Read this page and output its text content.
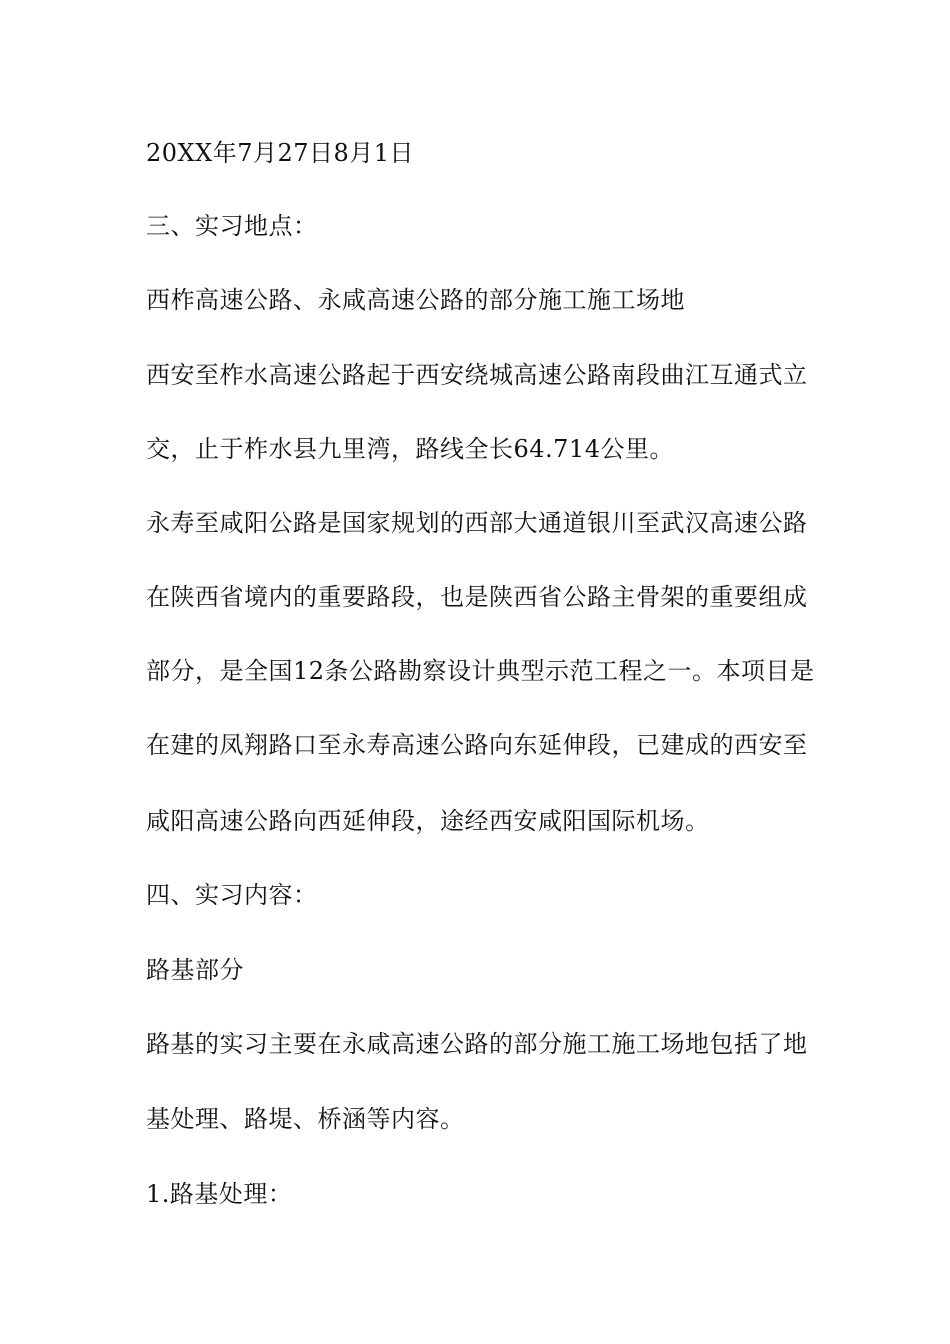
20XX年7月27日8月1日
三、实习地点：
西柞高速公路、永咸高速公路的部分施工施工场地
西安至柞水高速公路起于西安绕城高速公路南段曲江互通式立
交，止于柞水县九里湾，路线全长64.714公里。
永寿至咸阳公路是国家规划的西部大通道银川至武汉高速公路
在陕西省境内的重要路段，也是陕西省公路主骨架的重要组成
部分，是全国12条公路勘察设计典型示范工程之一。本项目是
在建的凤翔路口至永寿高速公路向东延伸段，已建成的西安至
咸阳高速公路向西延伸段，途经西安咸阳国际机场。
四、实习内容：
路基部分
路基的实习主要在永咸高速公路的部分施工施工场地包括了地
基处理、路堤、桥涵等内容。
1.路基处理：
